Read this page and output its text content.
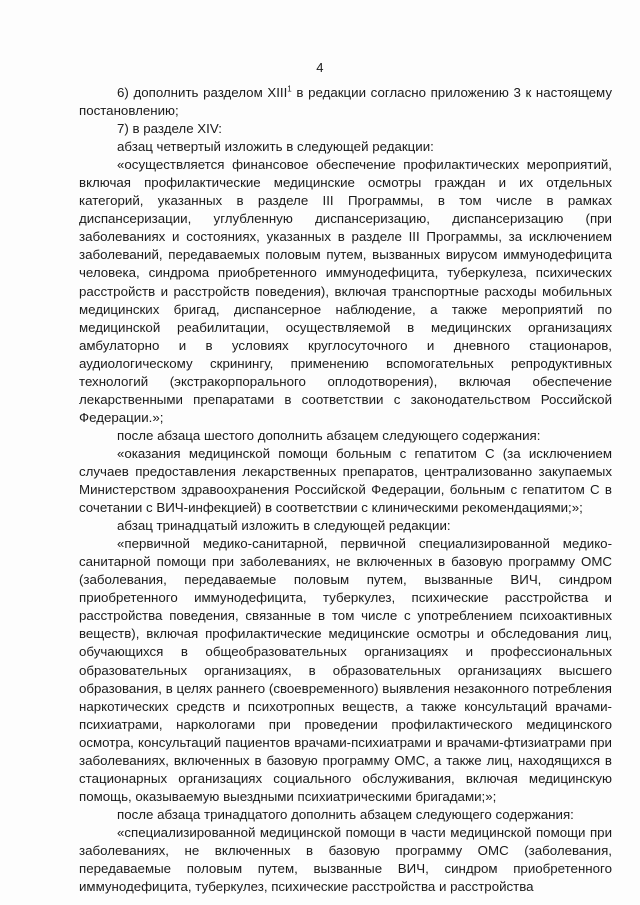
4

6) дополнить разделом XIII$^1$ в редакции согласно приложению 3 к настоящему постановлению;

7) в разделе XIV:

абзац четвертый изложить в следующей редакции:

«осуществляется финансовое обеспечение профилактических мероприятий, включая профилактические медицинские осмотры граждан и их отдельных категорий, указанных в разделе III Программы, в том числе в рамках диспансеризации, углубленную диспансеризацию, диспансеризацию (при заболеваниях и состояниях, указанных в разделе III Программы, за исключением заболеваний, передаваемых половым путем, вызванных вирусом иммунодефицита человека, синдрома приобретенного иммунодефицита, туберкулеза, психических расстройств и расстройств поведения), включая транспортные расходы мобильных медицинских бригад, диспансерное наблюдение, а также мероприятий по медицинской реабилитации, осуществляемой в медицинских организациях амбулаторно и в условиях круглосуточного и дневного стационаров, аудиологическому скринингу, применению вспомогательных репродуктивных технологий (экстракорпорального оплодотворения), включая обеспечение лекарственными препаратами в соответствии с законодательством Российской Федерации.»;

после абзаца шестого дополнить абзацем следующего содержания:

«оказания медицинской помощи больным с гепатитом С (за исключением случаев предоставления лекарственных препаратов, централизованно закупаемых Министерством здравоохранения Российской Федерации, больным с гепатитом С в сочетании с ВИЧ-инфекцией) в соответствии с клиническими рекомендациями;»;

абзац тринадцатый изложить в следующей редакции:

«первичной медико-санитарной, первичной специализированной медико-санитарной помощи при заболеваниях, не включенных в базовую программу ОМС (заболевания, передаваемые половым путем, вызванные ВИЧ, синдром приобретенного иммунодефицита, туберкулез, психические расстройства и расстройства поведения, связанные в том числе с употреблением психоактивных веществ), включая профилактические медицинские осмотры и обследования лиц, обучающихся в общеобразовательных организациях и профессиональных образовательных организациях, в образовательных организациях высшего образования, в целях раннего (своевременного) выявления незаконного потребления наркотических средств и психотропных веществ, а также консультаций врачами-психиатрами, наркологами при проведении профилактического медицинского осмотра, консультаций пациентов врачами-психиатрами и врачами-фтизиатрами при заболеваниях, включенных в базовую программу ОМС, а также лиц, находящихся в стационарных организациях социального обслуживания, включая медицинскую помощь, оказываемую выездными психиатрическими бригадами;»;

после абзаца тринадцатого дополнить абзацем следующего содержания:

«специализированной медицинской помощи в части медицинской помощи при заболеваниях, не включенных в базовую программу ОМС (заболевания, передаваемые половым путем, вызванные ВИЧ, синдром приобретенного иммунодефицита, туберкулез, психические расстройства и расстройства
